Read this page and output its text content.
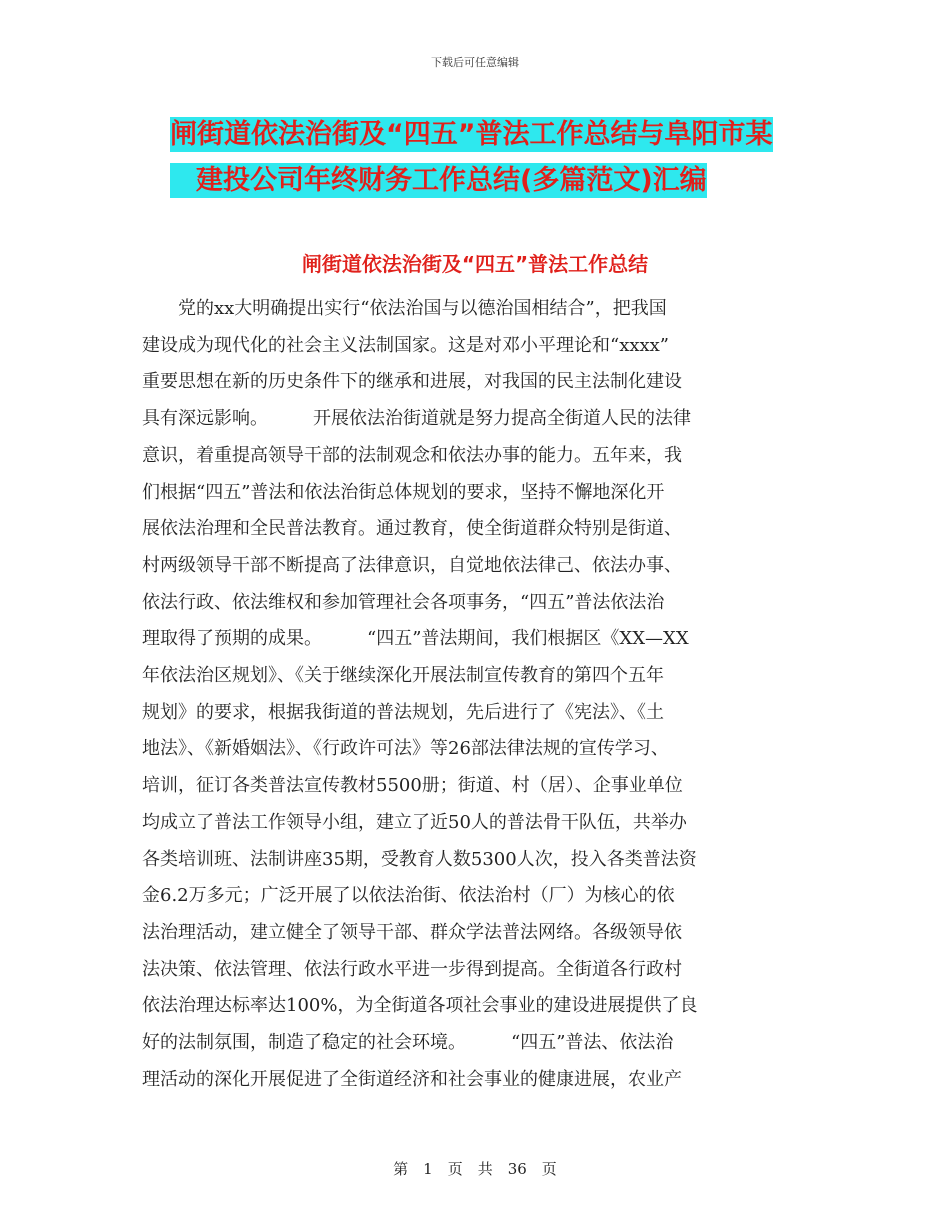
下载后可任意编辑
闸街道依法治街及“四五”普法工作总结与阜阳市某
建投公司年终财务工作总结(多篇范文)汇编
闸街道依法治街及“四五”普法工作总结
　　党的xx大明确提出实行“依法治国与以德治国相结合”，把我国
建设成为现代化的社会主义法制国家。这是对邓小平理论和“xxxx”
重要思想在新的历史条件下的继承和进展，对我国的民主法制化建设
具有深远影响。　　　开展依法治街道就是努力提高全街道人民的法律
意识，着重提高领导干部的法制观念和依法办事的能力。五年来，我
们根据“四五”普法和依法治街总体规划的要求，坚持不懈地深化开
展依法治理和全民普法教育。通过教育，使全街道群众特别是街道、
村两级领导干部不断提高了法律意识，自觉地依法律己、依法办事、
依法行政、依法维权和参加管理社会各项事务，“四五”普法依法治
理取得了预期的成果。　　　“四五”普法期间，我们根据区《XX—XX
年依法治区规划》、《关于继续深化开展法制宣传教育的第四个五年
规划》的要求，根据我街道的普法规划，先后进行了《宪法》、《土
地法》、《新婚姻法》、《行政许可法》等26部法律法规的宣传学习、
培训，征订各类普法宣传教材5500册；街道、村（居）、企事业单位
均成立了普法工作领导小组，建立了近50人的普法骨干队伍，共举办
各类培训班、法制讲座35期，受教育人数5300人次，投入各类普法资
金6.2万多元；广泛开展了以依法治街、依法治村（厂）为核心的依
法治理活动，建立健全了领导干部、群众学法普法网络。各级领导依
法决策、依法管理、依法行政水平进一步得到提高。全街道各行政村
依法治理达标率达100%，为全街道各项社会事业的建设进展提供了良
好的法制氛围，制造了稳定的社会环境。　　　“四五”普法、依法治
理活动的深化开展促进了全街道经济和社会事业的健康进展，农业产
第　1　页　共　36　页
